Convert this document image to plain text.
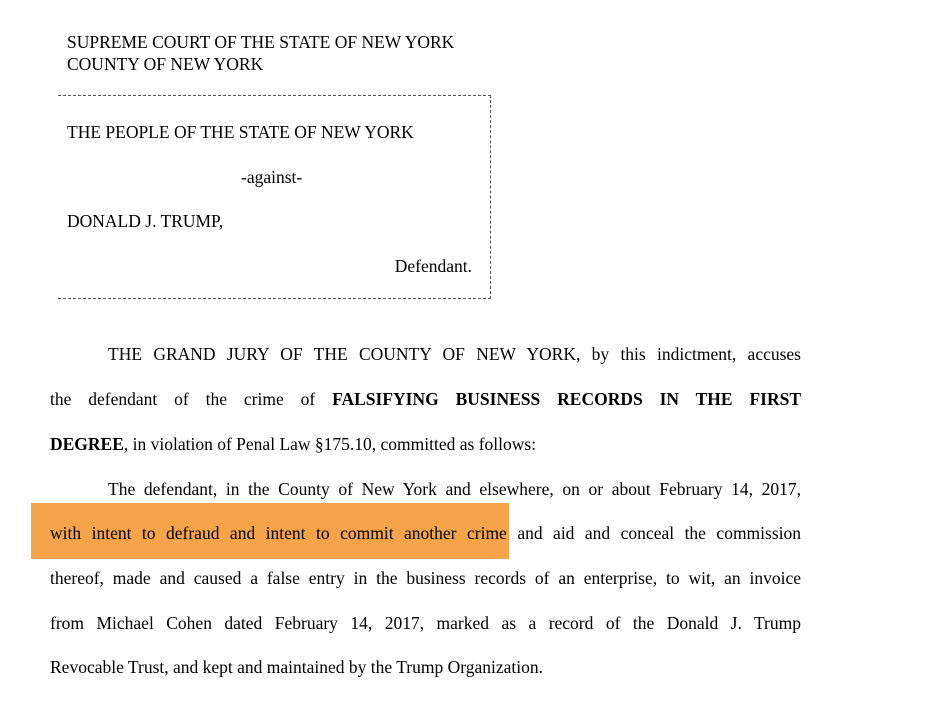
SUPREME COURT OF THE STATE OF NEW YORK
COUNTY OF NEW YORK
THE PEOPLE OF THE STATE OF NEW YORK
-against-
DONALD J. TRUMP,
Defendant.
THE GRAND JURY OF THE COUNTY OF NEW YORK, by this indictment, accuses
the defendant of the crime of FALSIFYING BUSINESS RECORDS IN THE FIRST
DEGREE, in violation of Penal Law §175.10, committed as follows:
The defendant, in the County of New York and elsewhere, on or about February 14, 2017,
with intent to defraud and intent to commit another crime and aid and conceal the commission
thereof, made and caused a false entry in the business records of an enterprise, to wit, an invoice
from Michael Cohen dated February 14, 2017, marked as a record of the Donald J. Trump
Revocable Trust, and kept and maintained by the Trump Organization.
